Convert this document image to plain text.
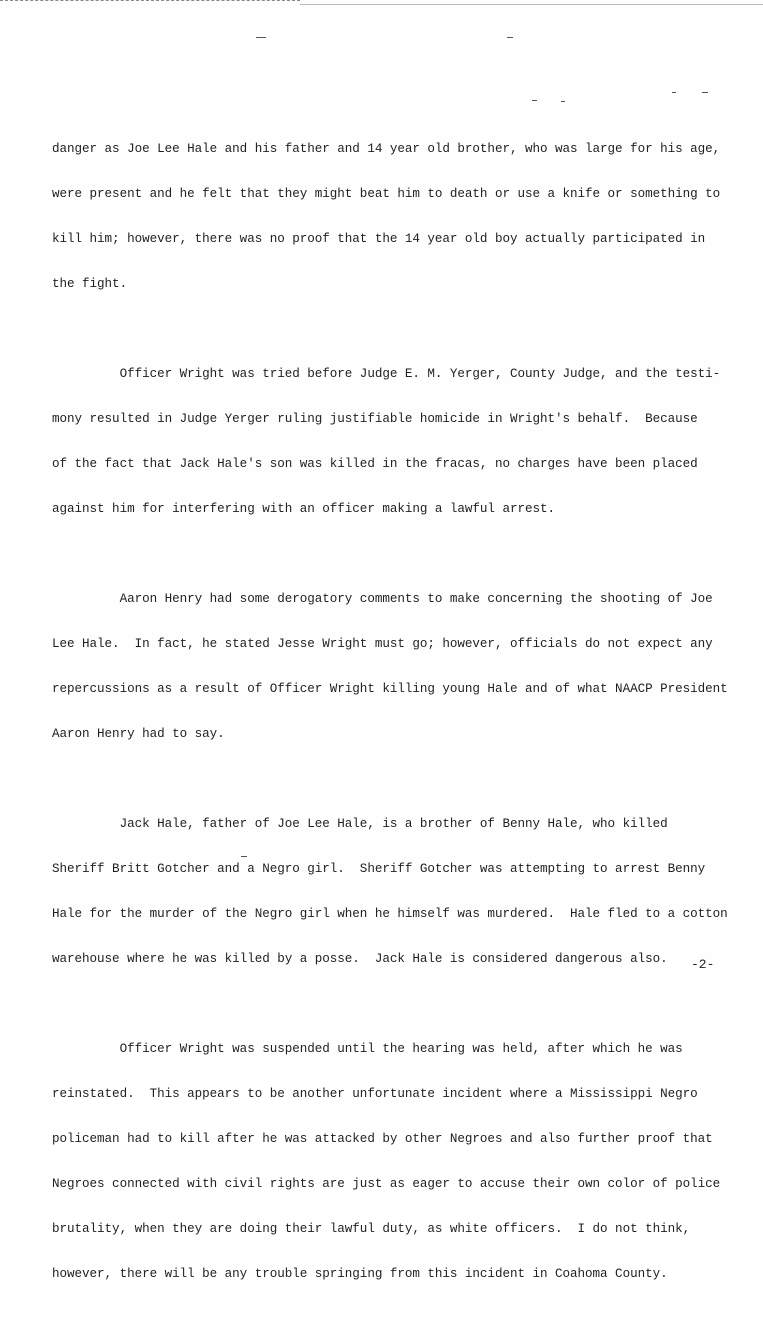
danger as Joe Lee Hale and his father and 14 year old brother, who was large for his age,

were present and he felt that they might beat him to death or use a knife or something to

kill him; however, there was no proof that the 14 year old boy actually participated in

the fight.

Officer Wright was tried before Judge E. M. Yerger, County Judge, and the testi-

mony resulted in Judge Yerger ruling justifiable homicide in Wright's behalf.  Because

of the fact that Jack Hale's son was killed in the fracas, no charges have been placed

against him for interfering with an officer making a lawful arrest.

Aaron Henry had some derogatory comments to make concerning the shooting of Joe

Lee Hale.  In fact, he stated Jesse Wright must go; however, officials do not expect any

repercussions as a result of Officer Wright killing young Hale and of what NAACP President

Aaron Henry had to say.

Jack Hale, father of Joe Lee Hale, is a brother of Benny Hale, who killed

Sheriff Britt Gotcher and a Negro girl.  Sheriff Gotcher was attempting to arrest Benny

Hale for the murder of the Negro girl when he himself was murdered.  Hale fled to a cotton

warehouse where he was killed by a posse.  Jack Hale is considered dangerous also.

Officer Wright was suspended until the hearing was held, after which he was

reinstated.  This appears to be another unfortunate incident where a Mississippi Negro

policeman had to kill after he was attacked by other Negroes and also further proof that

Negroes connected with civil rights are just as eager to accuse their own color of police

brutality, when they are doing their lawful duty, as white officers.  I do not think,

however, there will be any trouble springing from this incident in Coahoma County.

-2-
